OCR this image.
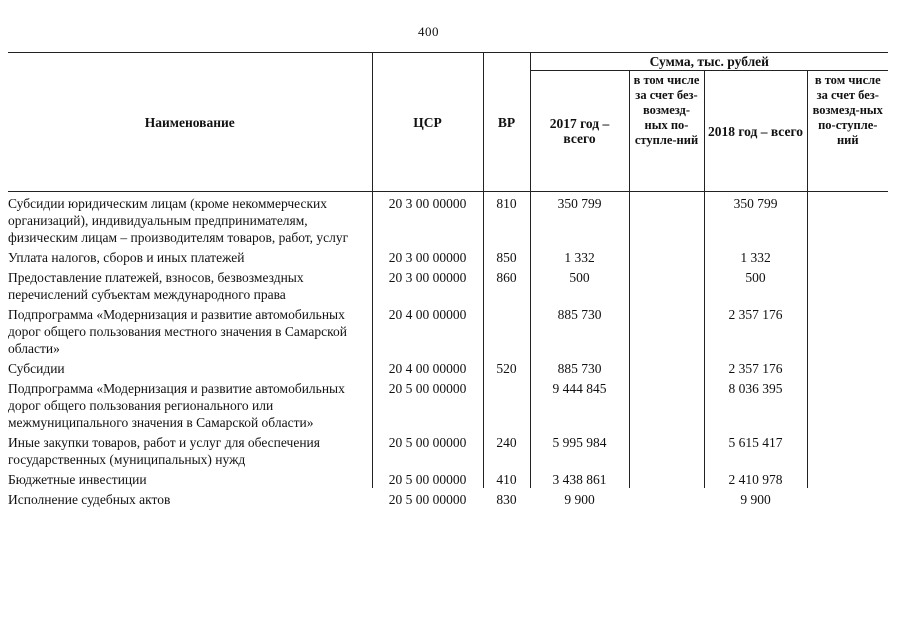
400
Наименование	ЦСР	ВР	Сумма, тыс. рублей			
			2017 год – всего	в том числе за счет без-возмезд-ных по-ступле-ний	2018 год – всего	в том числе за счет без-возмезд-ных по-ступле-ний
Субсидии юридическим лицам (кроме некоммерческих организаций), индивидуальным предпринимателям, физическим лицам – производителям товаров, работ, услуг	20 3 00 00000	810	350 799		350 799	
Уплата налогов, сборов и иных платежей	20 3 00 00000	850	1 332		1 332	
Предоставление платежей, взносов, безвозмездных перечислений субъектам международного права	20 3 00 00000	860	500		500	
Подпрограмма «Модернизация и развитие автомобильных дорог общего пользования местного значения в Самарской области»	20 4 00 00000		885 730		2 357 176	
Субсидии	20 4 00 00000	520	885 730		2 357 176	
Подпрограмма «Модернизация и развитие автомобильных дорог общего пользования регионального или межмуниципального значения в Самарской области»	20 5 00 00000		9 444 845		8 036 395	
Иные закупки товаров, работ и услуг для обеспечения государственных (муниципальных) нужд	20 5 00 00000	240	5 995 984		5 615 417	
Бюджетные инвестиции	20 5 00 00000	410	3 438 861		2 410 978	
Исполнение судебных актов	20 5 00 00000	830	9 900		9 900	
